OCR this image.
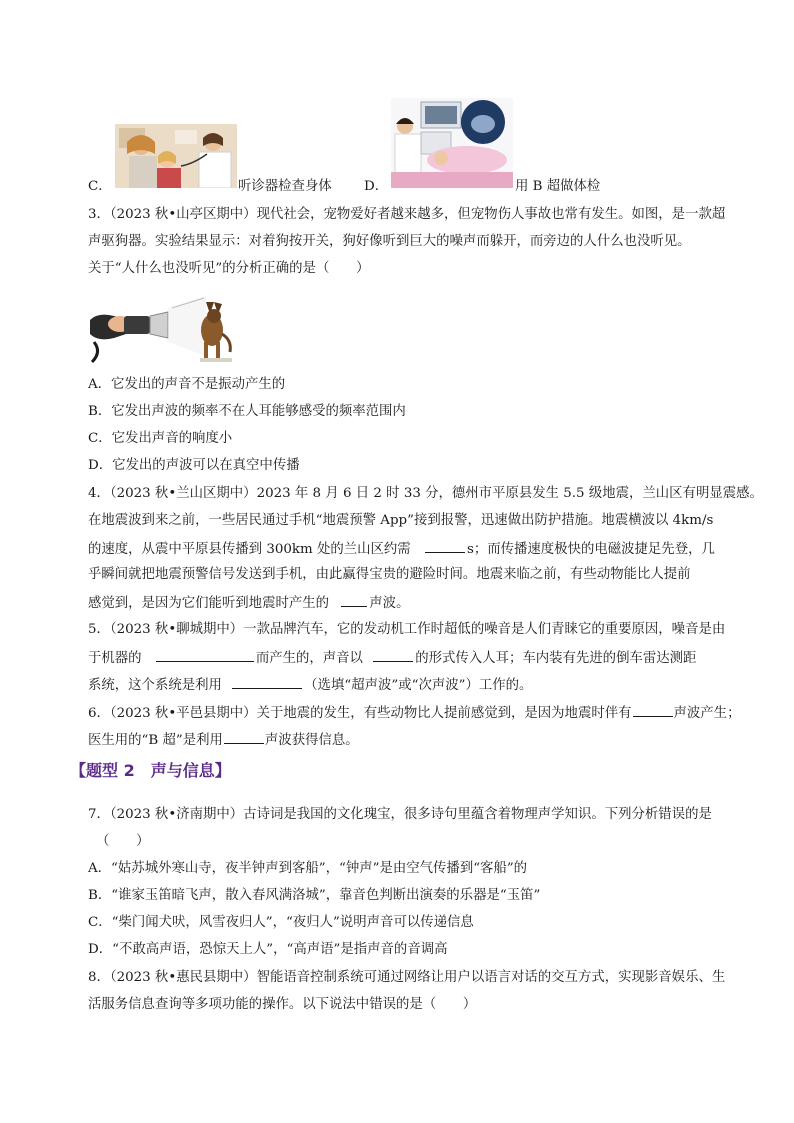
C．	听诊器检查身体 D．	用 B 超做体检
3．（2023 秋•山亭区期中）现代社会，宠物爱好者越来越多，但宠物伤人事故也常有发生。如图，是一款超
声驱狗器。实验结果显示：对着狗按开关，狗好像听到巨大的噪声而躲开，而旁边的人什么也没听见。
关于“人什么也没听见”的分析正确的是（　　）
A．它发出的声音不是振动产生的
B．它发出声波的频率不在人耳能够感受的频率范围内
C．它发出声音的响度小
D．它发出的声波可以在真空中传播
4．（2023 秋•兰山区期中）2023 年 8 月 6 日 2 时 33 分，德州市平原县发生 5.5 级地震，兰山区有明显震感。
在地震波到来之前，一些居民通过手机“地震预警 App”接到报警，迅速做出防护措施。地震横波以 4km/s
的速度，从震中平原县传播到 300km 处的兰山区约需	s；而传播速度极快的电磁波捷足先登，几
乎瞬间就把地震预警信号发送到手机，由此赢得宝贵的避险时间。地震来临之前，有些动物能比人提前
感觉到，是因为它们能听到地震时产生的	声波。
5．（2023 秋•聊城期中）一款品牌汽车，它的发动机工作时超低的噪音是人们青睐它的重要原因，噪音是由
于机器的	而产生的，声音以	的形式传入人耳；车内装有先进的倒车雷达测距
系统，这个系统是利用	（选填“超声波”或“次声波”）工作的。
6．（2023 秋•平邑县期中）关于地震的发生，有些动物比人提前感觉到，是因为地震时伴有	声波产生；
医生用的“B 超”是利用	声波获得信息。
【题型 2　声与信息】
7．（2023 秋•济南期中）古诗词是我国的文化瑰宝，很多诗句里蕴含着物理声学知识。下列分析错误的是
（　　）
A．“姑苏城外寒山寺，夜半钟声到客船”，“钟声”是由空气传播到“客船”的
B．“谁家玉笛暗飞声，散入春风满洛城”，靠音色判断出演奏的乐器是“玉笛”
C．“柴门闻犬吠，风雪夜归人”，“夜归人”说明声音可以传递信息
D．“不敢高声语，恐惊天上人”，“高声语”是指声音的音调高
8．（2023 秋•惠民县期中）智能语音控制系统可通过网络让用户以语言对话的交互方式，实现影音娱乐、生
活服务信息查询等多项功能的操作。以下说法中错误的是（　　）
